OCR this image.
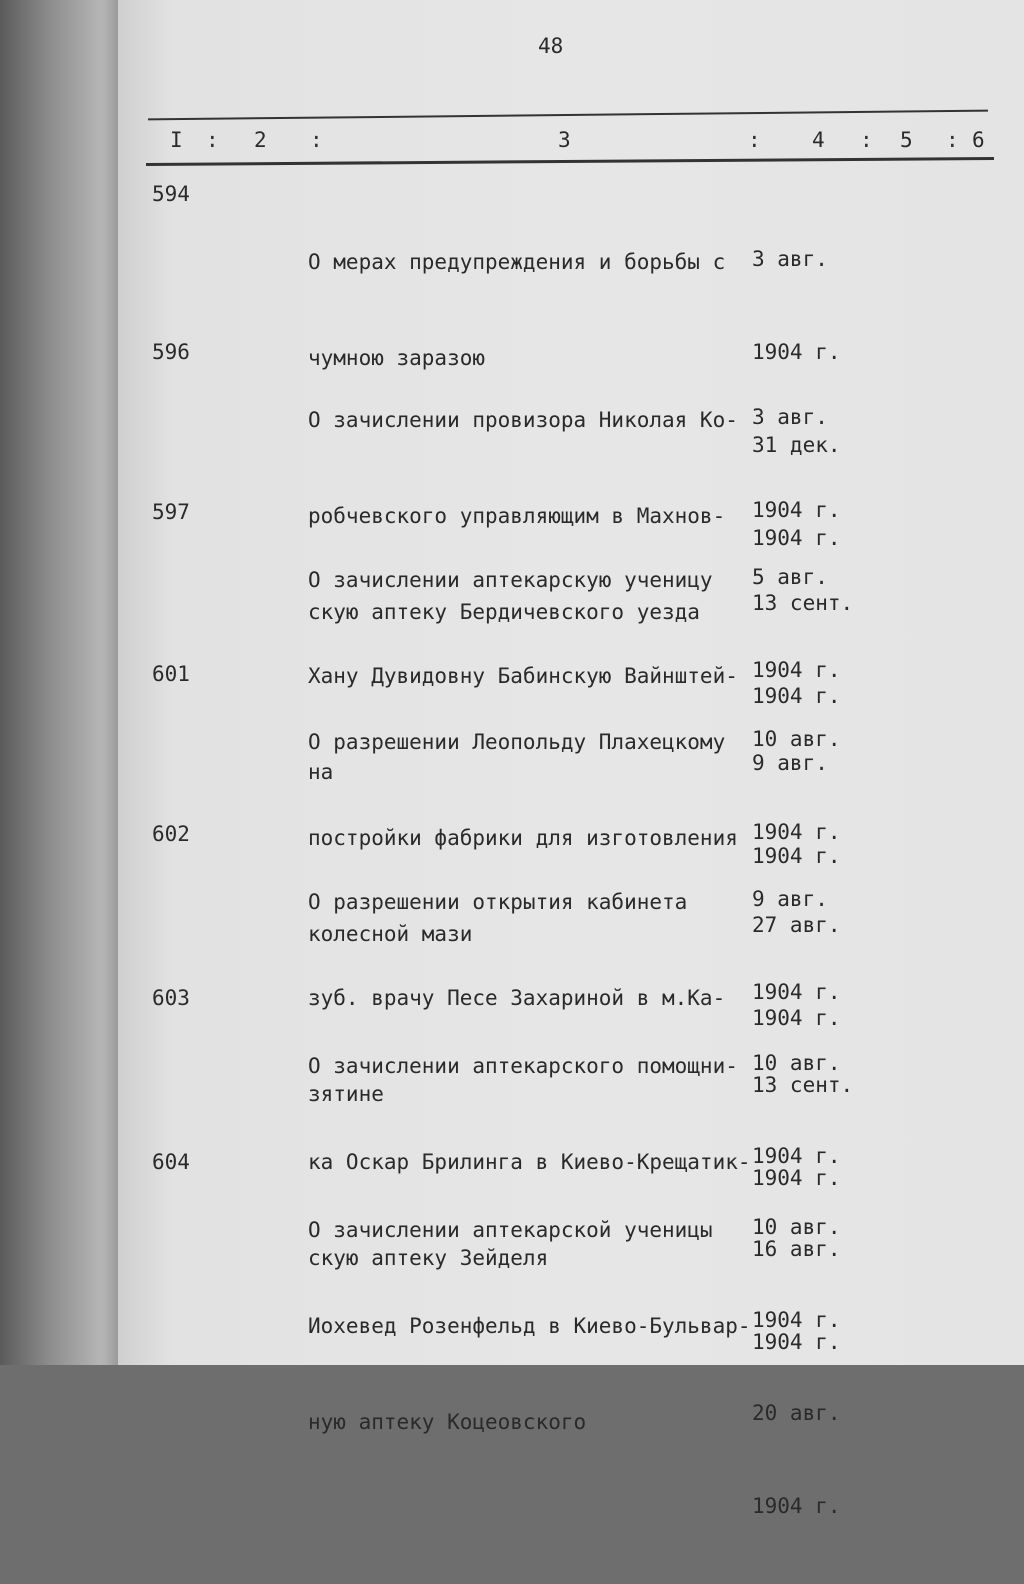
48
I : 2 :	3	: 4 : 5 : 6
594

О мерах предупреждения и борьбы с

чумною заразою

3 авг.

1904 г.

31 дек.

1904 г.

596

О зачислении провизора Николая Ко-

робчевского управляющим в Махнов-

скую аптеку Бердичевского уезда

3 авг.

1904 г.

13 сент.

1904 г.

597

О зачислении аптекарскую ученицу

Хану Дувидовну Бабинскую Вайнштей-

на

5 авг.

1904 г.

9 авг.

1904 г.

601

О разрешении Леопольду Плахецкому

постройки фабрики для изготовления

колесной мази

10 авг.

1904 г.

27 авг.

1904 г.

602

О разрешении открытия кабинета

зуб. врачу Песе Захариной в м.Ка-

зятине

9 авг.

1904 г.

13 сент.

1904 г.

603

О зачислении аптекарского помощни-

ка Оскар Брилинга в Киево-Крещатик-

скую аптеку Зейделя

10 авг.

1904 г.

16 авг.

1904 г.

604

О зачислении аптекарской ученицы

Иохевед Розенфельд в Киево-Бульвар-

ную аптеку Коцеовского

10 авг.

1904 г.

20 авг.

1904 г.
